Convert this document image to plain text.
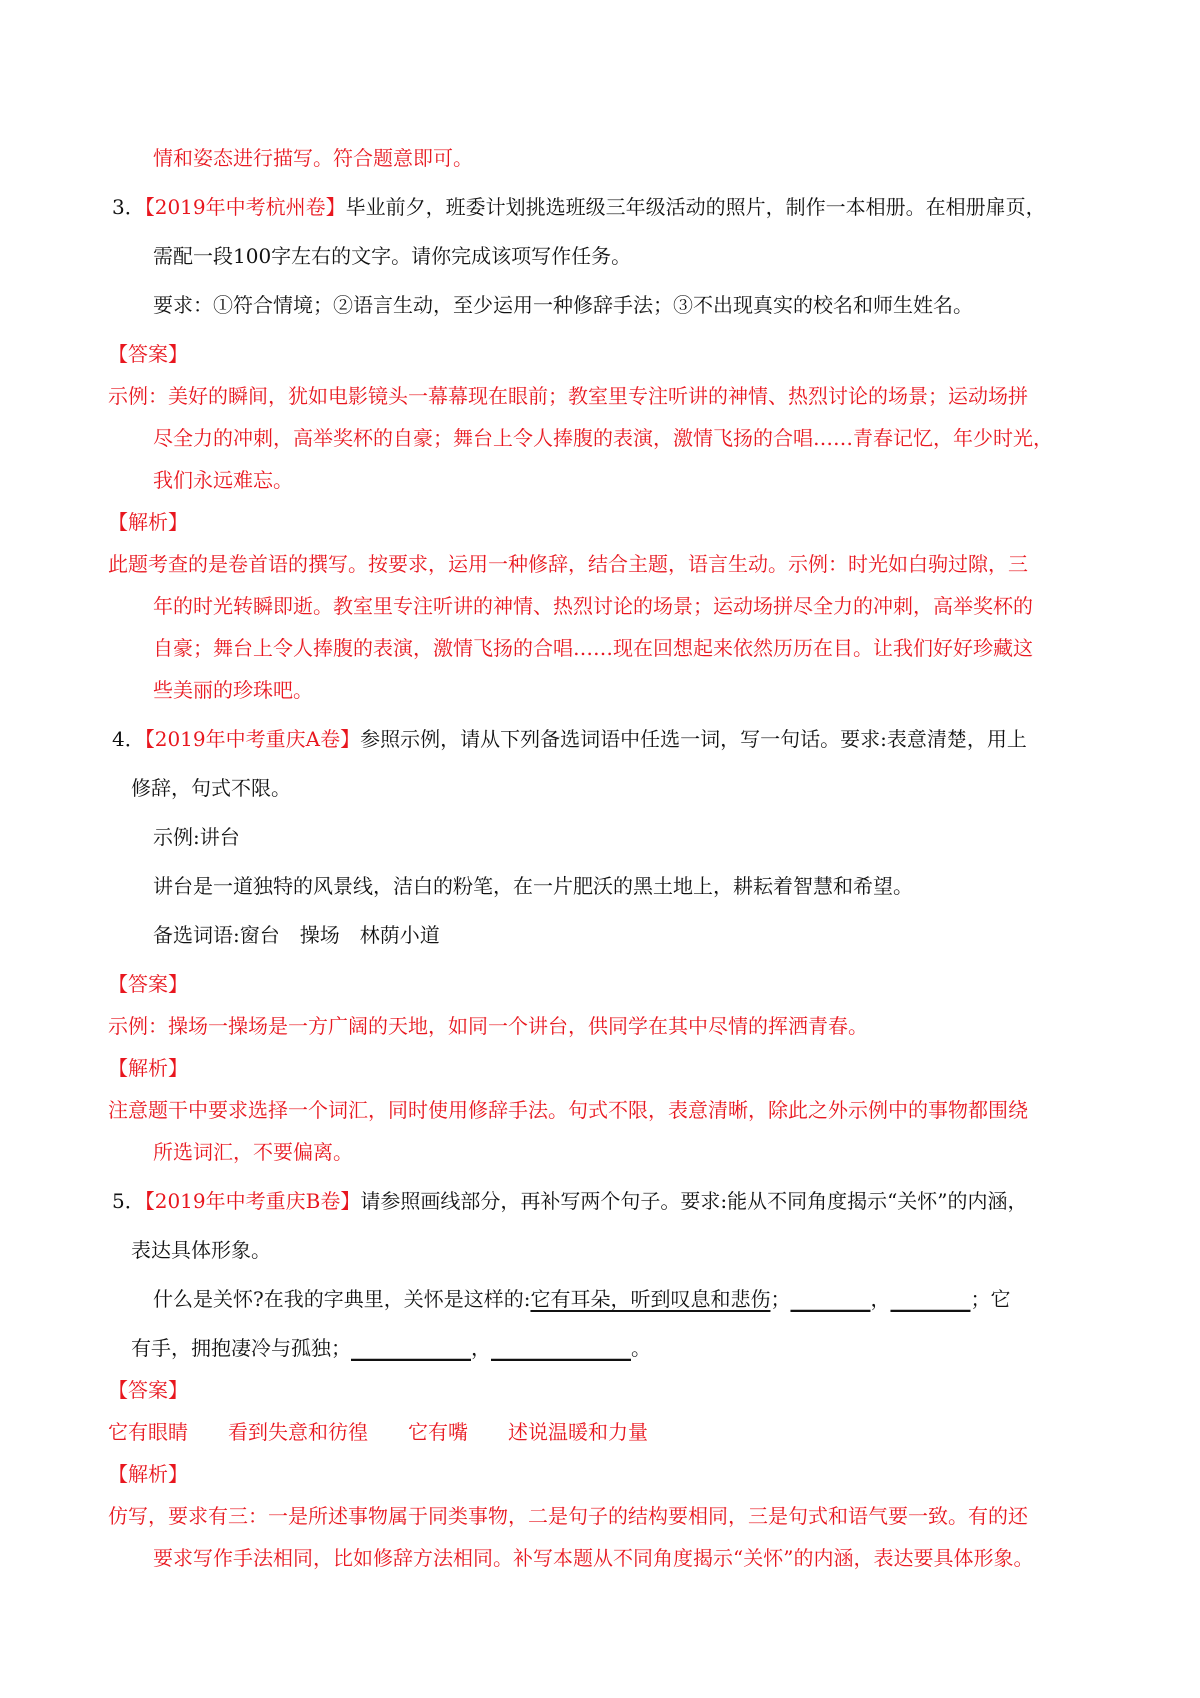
情和姿态进行描写。符合题意即可。
3．【2019年中考杭州卷】毕业前夕，班委计划挑选班级三年级活动的照片，制作一本相册。在相册扉页，
需配一段100字左右的文字。请你完成该项写作任务。
要求：①符合情境；②语言生动，至少运用一种修辞手法；③不出现真实的校名和师生姓名。
【答案】
示例：美好的瞬间，犹如电影镜头一幕幕现在眼前；教室里专注听讲的神情、热烈讨论的场景；运动场拼
尽全力的冲刺，高举奖杯的自豪；舞台上令人捧腹的表演，激情飞扬的合唱……青春记忆，年少时光，
我们永远难忘。
【解析】
此题考查的是卷首语的撰写。按要求，运用一种修辞，结合主题，语言生动。示例：时光如白驹过隙，三
年的时光转瞬即逝。教室里专注听讲的神情、热烈讨论的场景；运动场拼尽全力的冲刺，高举奖杯的
自豪；舞台上令人捧腹的表演，激情飞扬的合唱……现在回想起来依然历历在目。让我们好好珍藏这
些美丽的珍珠吧。
4．【2019年中考重庆A卷】参照示例，请从下列备选词语中任选一词，写一句话。要求:表意清楚，用上
修辞，句式不限。
示例:讲台
讲台是一道独特的风景线，洁白的粉笔，在一片肥沃的黑土地上，耕耘着智慧和希望。
备选词语:窗台　操场　林荫小道
【答案】
示例：操场一操场是一方广阔的天地，如同一个讲台，供同学在其中尽情的挥洒青春。
【解析】
注意题干中要求选择一个词汇，同时使用修辞手法。句式不限，表意清晰，除此之外示例中的事物都围绕
所选词汇，不要偏离。
5．【2019年中考重庆B卷】请参照画线部分，再补写两个句子。要求:能从不同角度揭示“关怀”的内涵，
表达具体形象。
什么是关怀?在我的字典里，关怀是这样的:它有耳朵，听到叹息和悲伤；________，________；它
有手，拥抱凄冷与孤独；____________，______________。
【答案】
它有眼睛 看到失意和彷徨 它有嘴 述说温暖和力量
【解析】
仿写，要求有三：一是所述事物属于同类事物，二是句子的结构要相同，三是句式和语气要一致。有的还
要求写作手法相同，比如修辞方法相同。补写本题从不同角度揭示“关怀”的内涵，表达要具体形象。
